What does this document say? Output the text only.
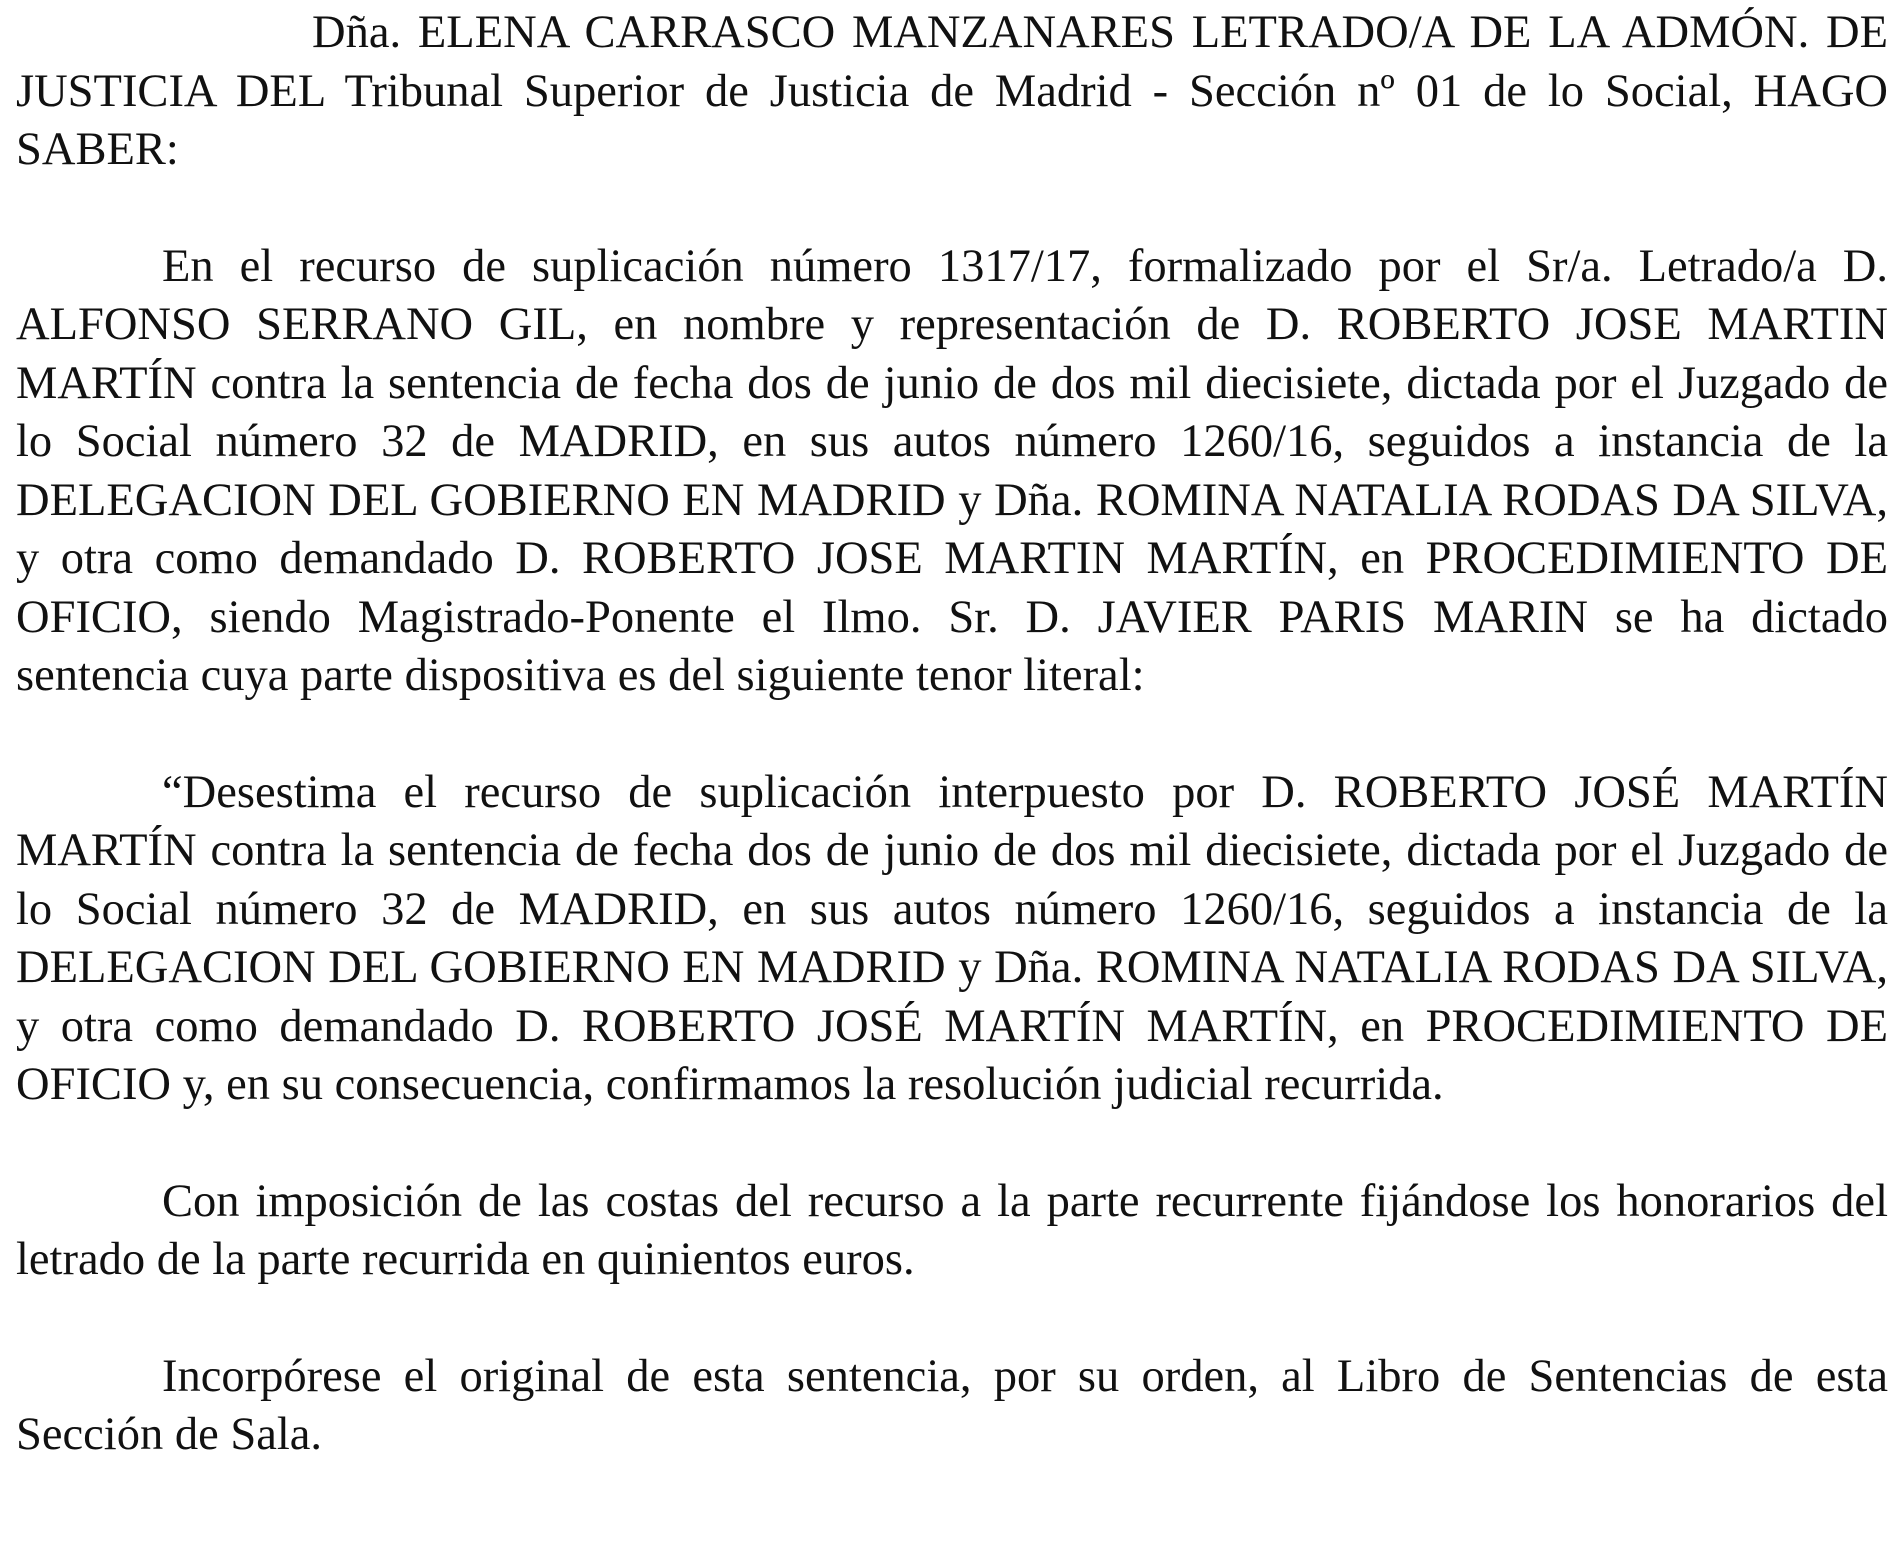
Dña. ELENA CARRASCO MANZANARES LETRADO/A DE LA ADMÓN. DE JUSTICIA DEL Tribunal Superior de Justicia de Madrid - Sección nº 01 de lo Social, HAGO SABER:

En el recurso de suplicación número 1317/17, formalizado por el Sr/a. Letrado/a D. ALFONSO SERRANO GIL, en nombre y representación de D. ROBERTO JOSE MARTIN MARTÍN contra la sentencia de fecha dos de junio de dos mil diecisiete, dictada por el Juzgado de lo Social número 32 de MADRID, en sus autos número 1260/16, seguidos a instancia de la DELEGACION DEL GOBIERNO EN MADRID y Dña. ROMINA NATALIA RODAS DA SILVA, y otra como demandado D. ROBERTO JOSE MARTIN MARTÍN, en PROCEDIMIENTO DE OFICIO, siendo Magistrado-Ponente el Ilmo. Sr. D. JAVIER PARIS MARIN se ha dictado sentencia cuya parte dispositiva es del siguiente tenor literal:

“Desestima el recurso de suplicación interpuesto por D. ROBERTO JOSÉ MARTÍN MARTÍN contra la sentencia de fecha dos de junio de dos mil diecisiete, dictada por el Juzgado de lo Social número 32 de MADRID, en sus autos número 1260/16, seguidos a instancia de la DELEGACION DEL GOBIERNO EN MADRID y Dña. ROMINA NATALIA RODAS DA SILVA, y otra como demandado D. ROBERTO JOSÉ MARTÍN MARTÍN, en PROCEDIMIENTO DE OFICIO y, en su consecuencia, confirmamos la resolución judicial recurrida.

Con imposición de las costas del recurso a la parte recurrente fijándose los honorarios del letrado de la parte recurrida en quinientos euros.

Incorpórese el original de esta sentencia, por su orden, al Libro de Sentencias de esta Sección de Sala.
